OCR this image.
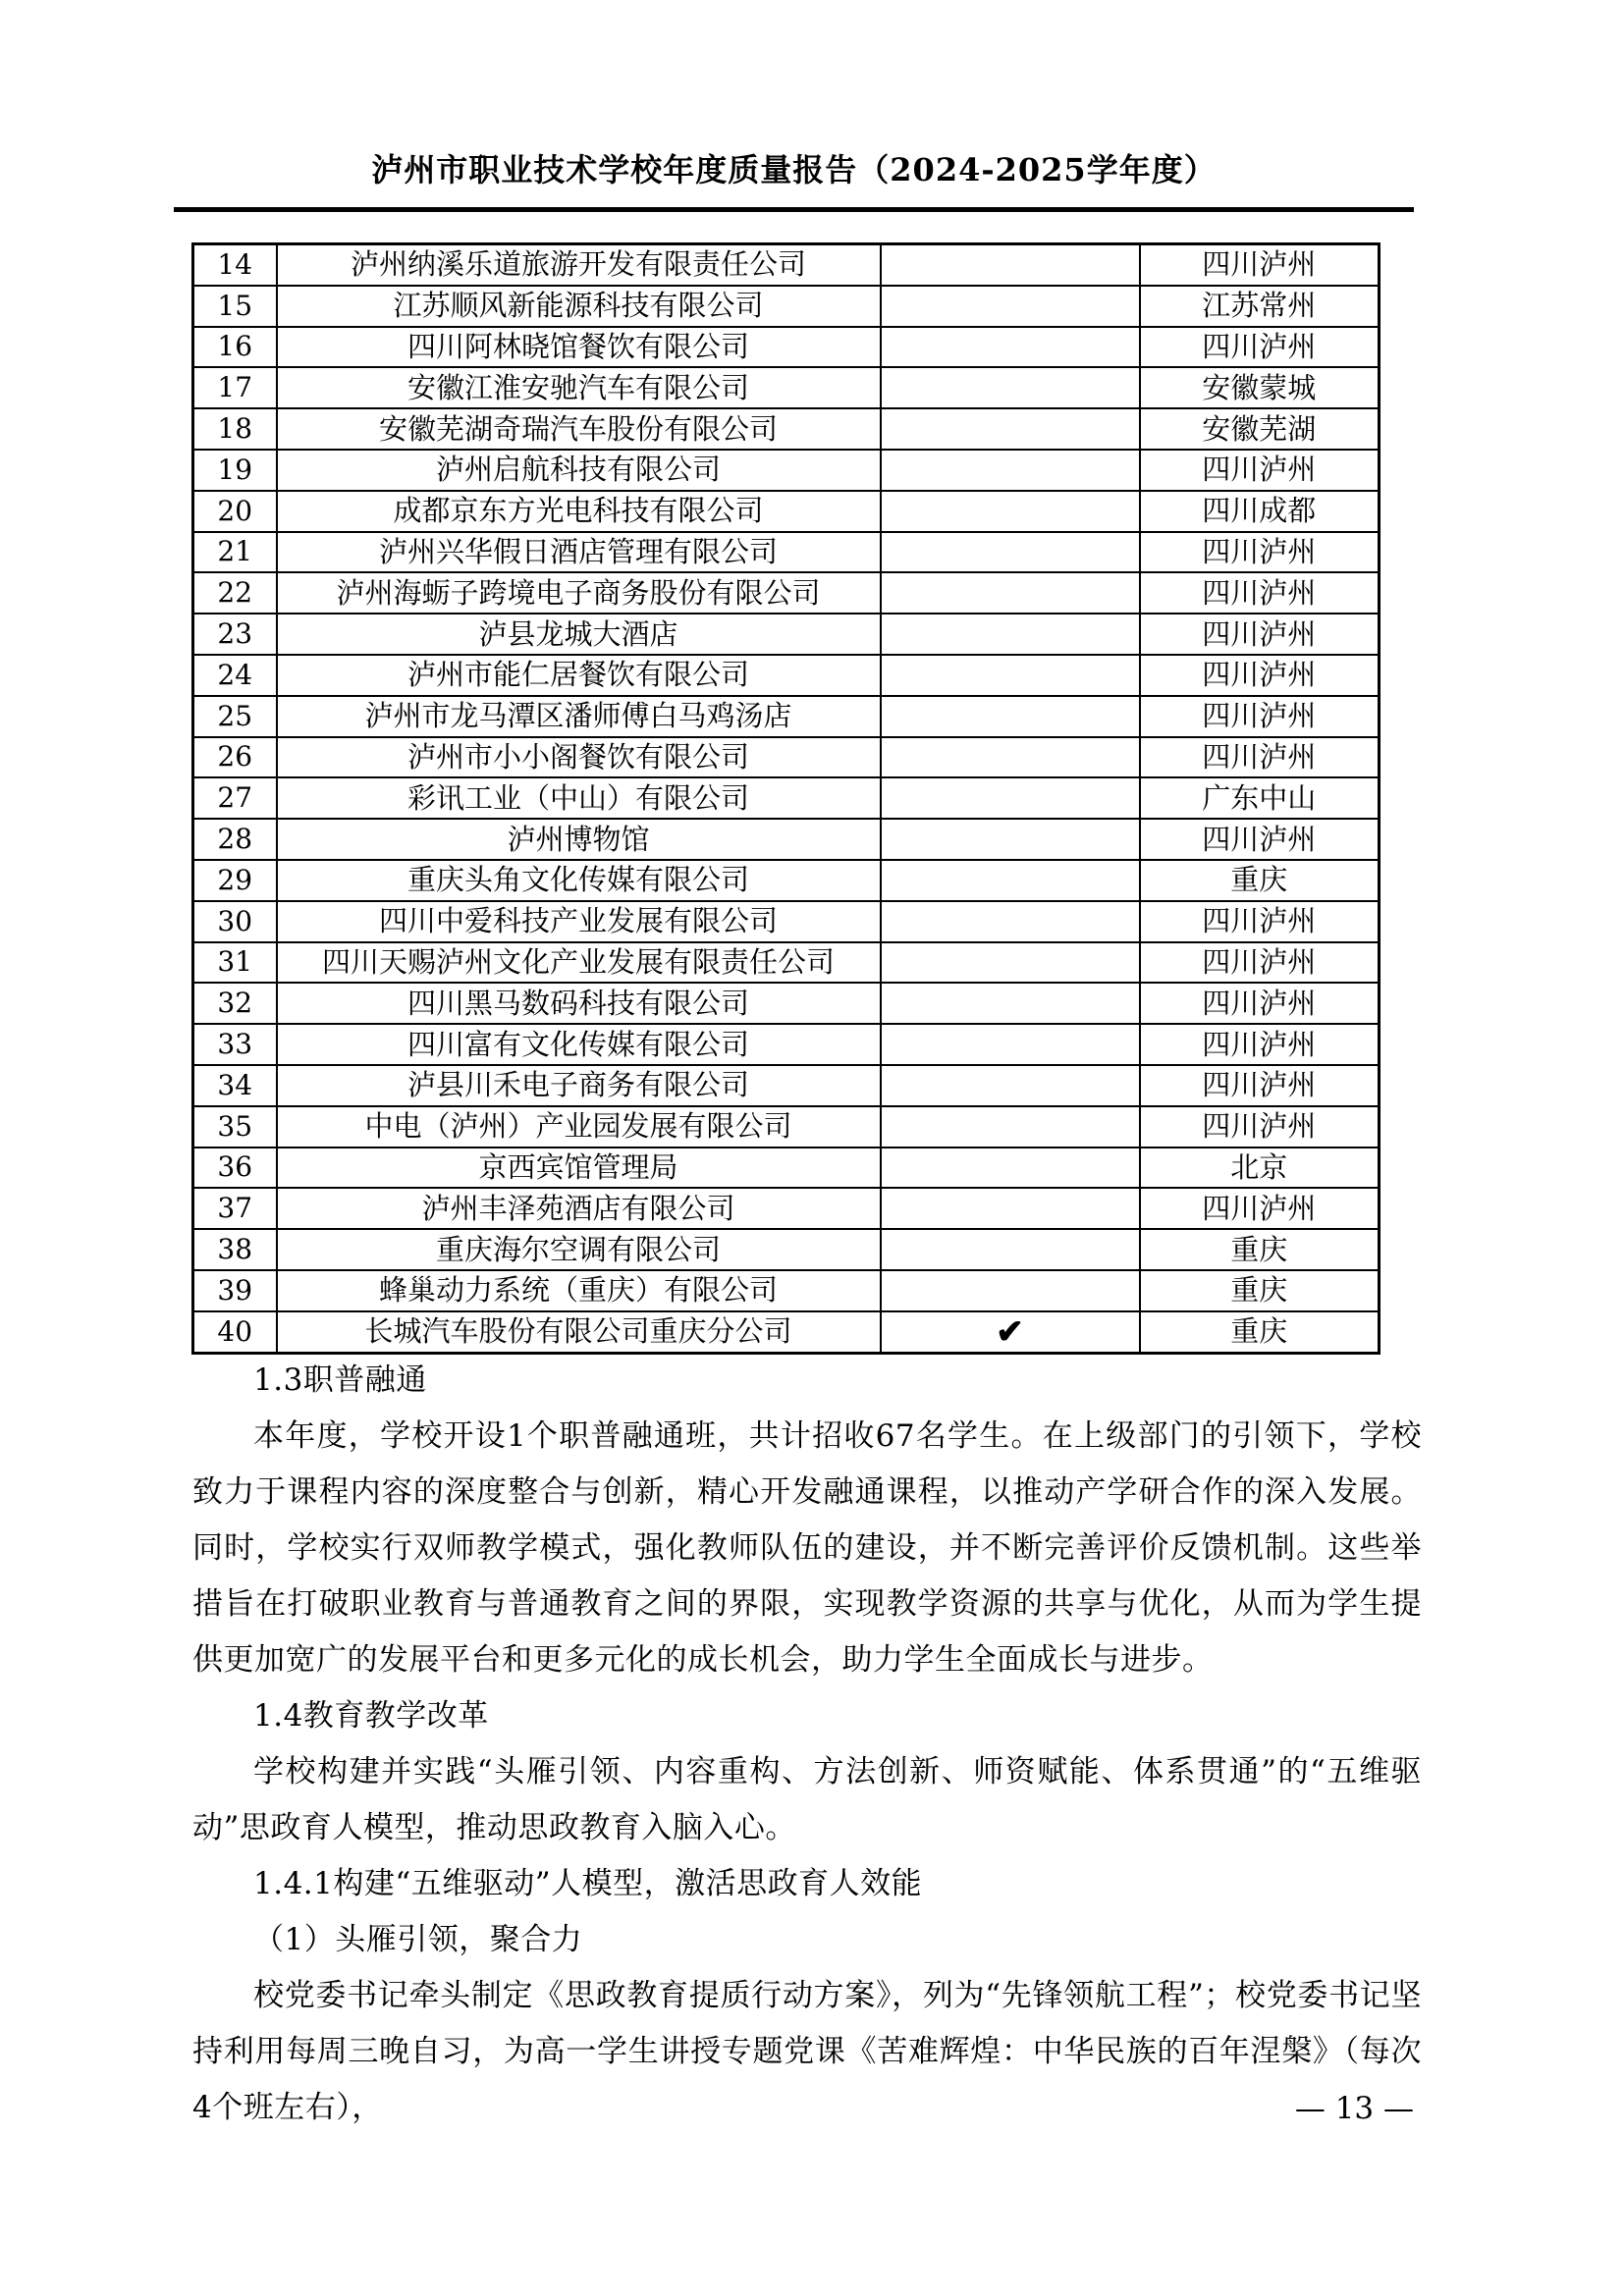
泸州市职业技术学校年度质量报告（2024-2025学年度）
14	泸州纳溪乐道旅游开发有限责任公司		四川泸州
15	江苏顺风新能源科技有限公司		江苏常州
16	四川阿林晓馆餐饮有限公司		四川泸州
17	安徽江淮安驰汽车有限公司		安徽蒙城
18	安徽芜湖奇瑞汽车股份有限公司		安徽芜湖
19	泸州启航科技有限公司		四川泸州
20	成都京东方光电科技有限公司		四川成都
21	泸州兴华假日酒店管理有限公司		四川泸州
22	泸州海蛎子跨境电子商务股份有限公司		四川泸州
23	泸县龙城大酒店		四川泸州
24	泸州市能仁居餐饮有限公司		四川泸州
25	泸州市龙马潭区潘师傅白马鸡汤店		四川泸州
26	泸州市小小阁餐饮有限公司		四川泸州
27	彩讯工业（中山）有限公司		广东中山
28	泸州博物馆		四川泸州
29	重庆头角文化传媒有限公司		重庆
30	四川中爱科技产业发展有限公司		四川泸州
31	四川天赐泸州文化产业发展有限责任公司		四川泸州
32	四川黑马数码科技有限公司		四川泸州
33	四川富有文化传媒有限公司		四川泸州
34	泸县川禾电子商务有限公司		四川泸州
35	中电（泸州）产业园发展有限公司		四川泸州
36	京西宾馆管理局		北京
37	泸州丰泽苑酒店有限公司		四川泸州
38	重庆海尔空调有限公司		重庆
39	蜂巢动力系统（重庆）有限公司		重庆
40	长城汽车股份有限公司重庆分公司	✔	重庆

1.3职普融通

本年度，学校开设1个职普融通班，共计招收67名学生。在上级部门的引领下，学校致力于课程内容的深度整合与创新，精心开发融通课程，以推动产学研合作的深入发展。同时，学校实行双师教学模式，强化教师队伍的建设，并不断完善评价反馈机制。这些举措旨在打破职业教育与普通教育之间的界限，实现教学资源的共享与优化，从而为学生提供更加宽广的发展平台和更多元化的成长机会，助力学生全面成长与进步。

1.4教育教学改革

学校构建并实践“头雁引领、内容重构、方法创新、师资赋能、体系贯通”的“五维驱动”思政育人模型，推动思政教育入脑入心。

1.4.1构建“五维驱动”人模型，激活思政育人效能

（1）头雁引领，聚合力

校党委书记牵头制定《思政教育提质行动方案》，列为“先锋领航工程”；校党委书记坚持利用每周三晚自习，为高一学生讲授专题党课《苦难辉煌：中华民族的百年涅槃》（每次4个班左右），	— 13 —
